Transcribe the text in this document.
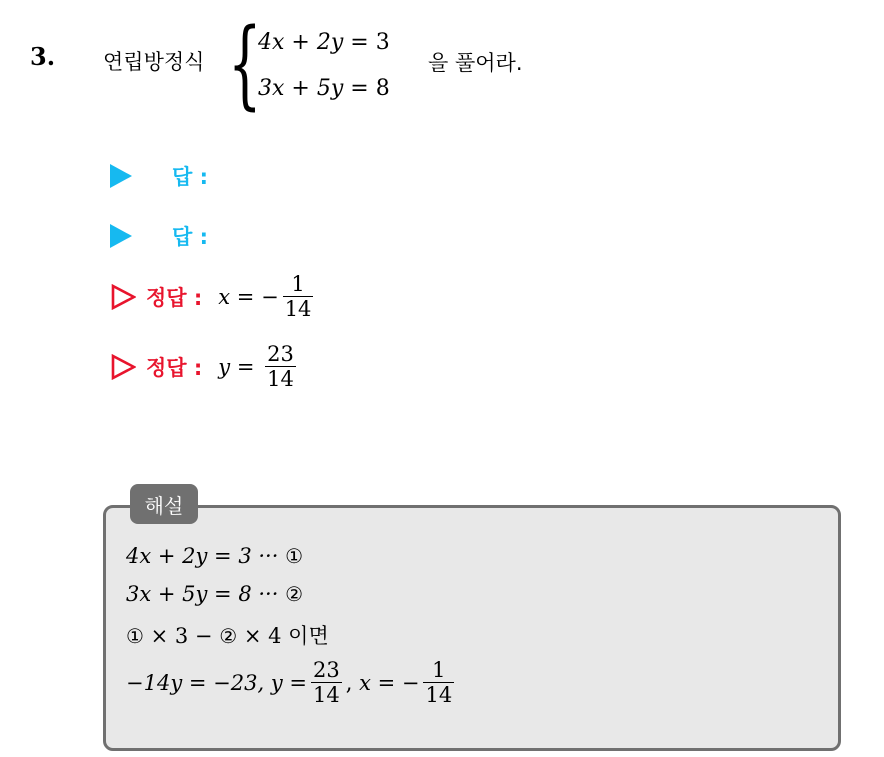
3. 연립방정식 {
4x + 2y = 3
3x + 5y = 8
을 풀어라.
답 :
답 :
정답 : x = − $\frac{1}{14}$
정답 : $y = \frac{23}{14}$
해설
4x + 2y = 3 ··· ①
3x + 5y = 8 ··· ②
① × 3 − ② × 4 이면
−14y = −23,
$y = \frac{23}{14}$ ,
x = − $\frac{1}{14}$
